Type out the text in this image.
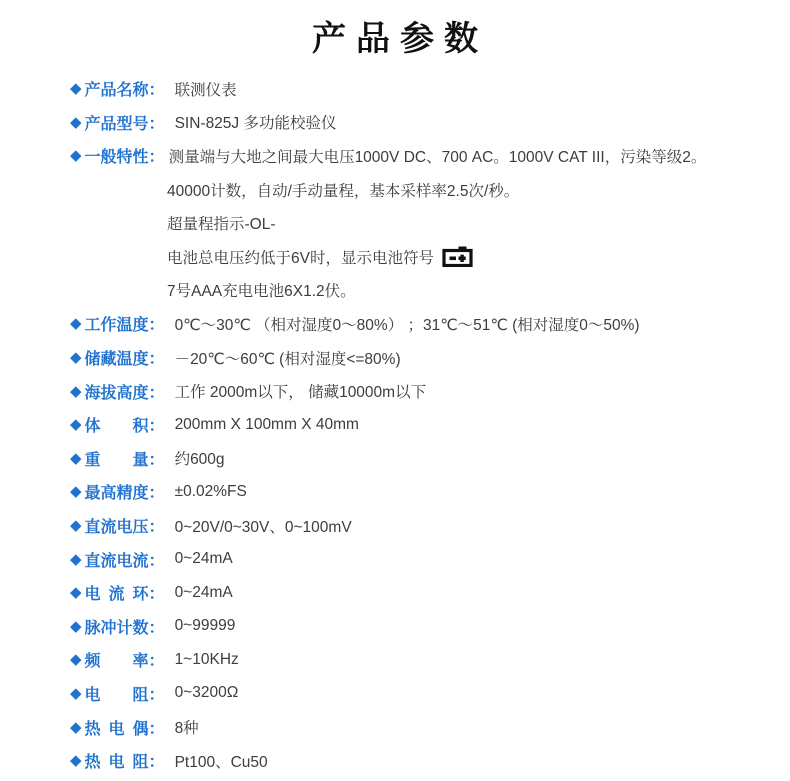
产品参数
◆ 产品名称 ： 联测仪表
◆ 产品型号 ： SIN-825J 多功能校验仪
◆ 一般特性 ： 测量端与大地之间最大电压1000V DC、700 AC。1000V CAT III，污染等级2。
40000计数，自动/手动量程，基本采样率2.5次/秒。
超量程指示-OL-
电池总电压约低于6V时，显示电池符号
7号AAA充电电池6X1.2伏。
◆ 工作温度 ： 0℃～30℃ （相对湿度0～80%） ；31℃～51℃ (相对湿度0～50%)
◆ 储藏温度 ： －20℃～60℃ (相对湿度<=80%)
◆ 海拔高度 ： 工作 2000m以下， 储藏10000m以下
◆ 体积 ： 200mm X 100mm X 40mm
◆ 重量 ： 约600g
◆ 最高精度 ： ±0.02%FS
◆ 直流电压 ： 0~20V/0~30V、0~100mV
◆ 直流电流 ： 0~24mA
◆ 电流环 ： 0~24mA
◆ 脉冲计数 ： 0~99999
◆ 频率 ： 1~10KHz
◆ 电阻 ： 0~3200Ω
◆ 热电偶 ： 8种
◆ 热电阻 ： Pt100、Cu50
